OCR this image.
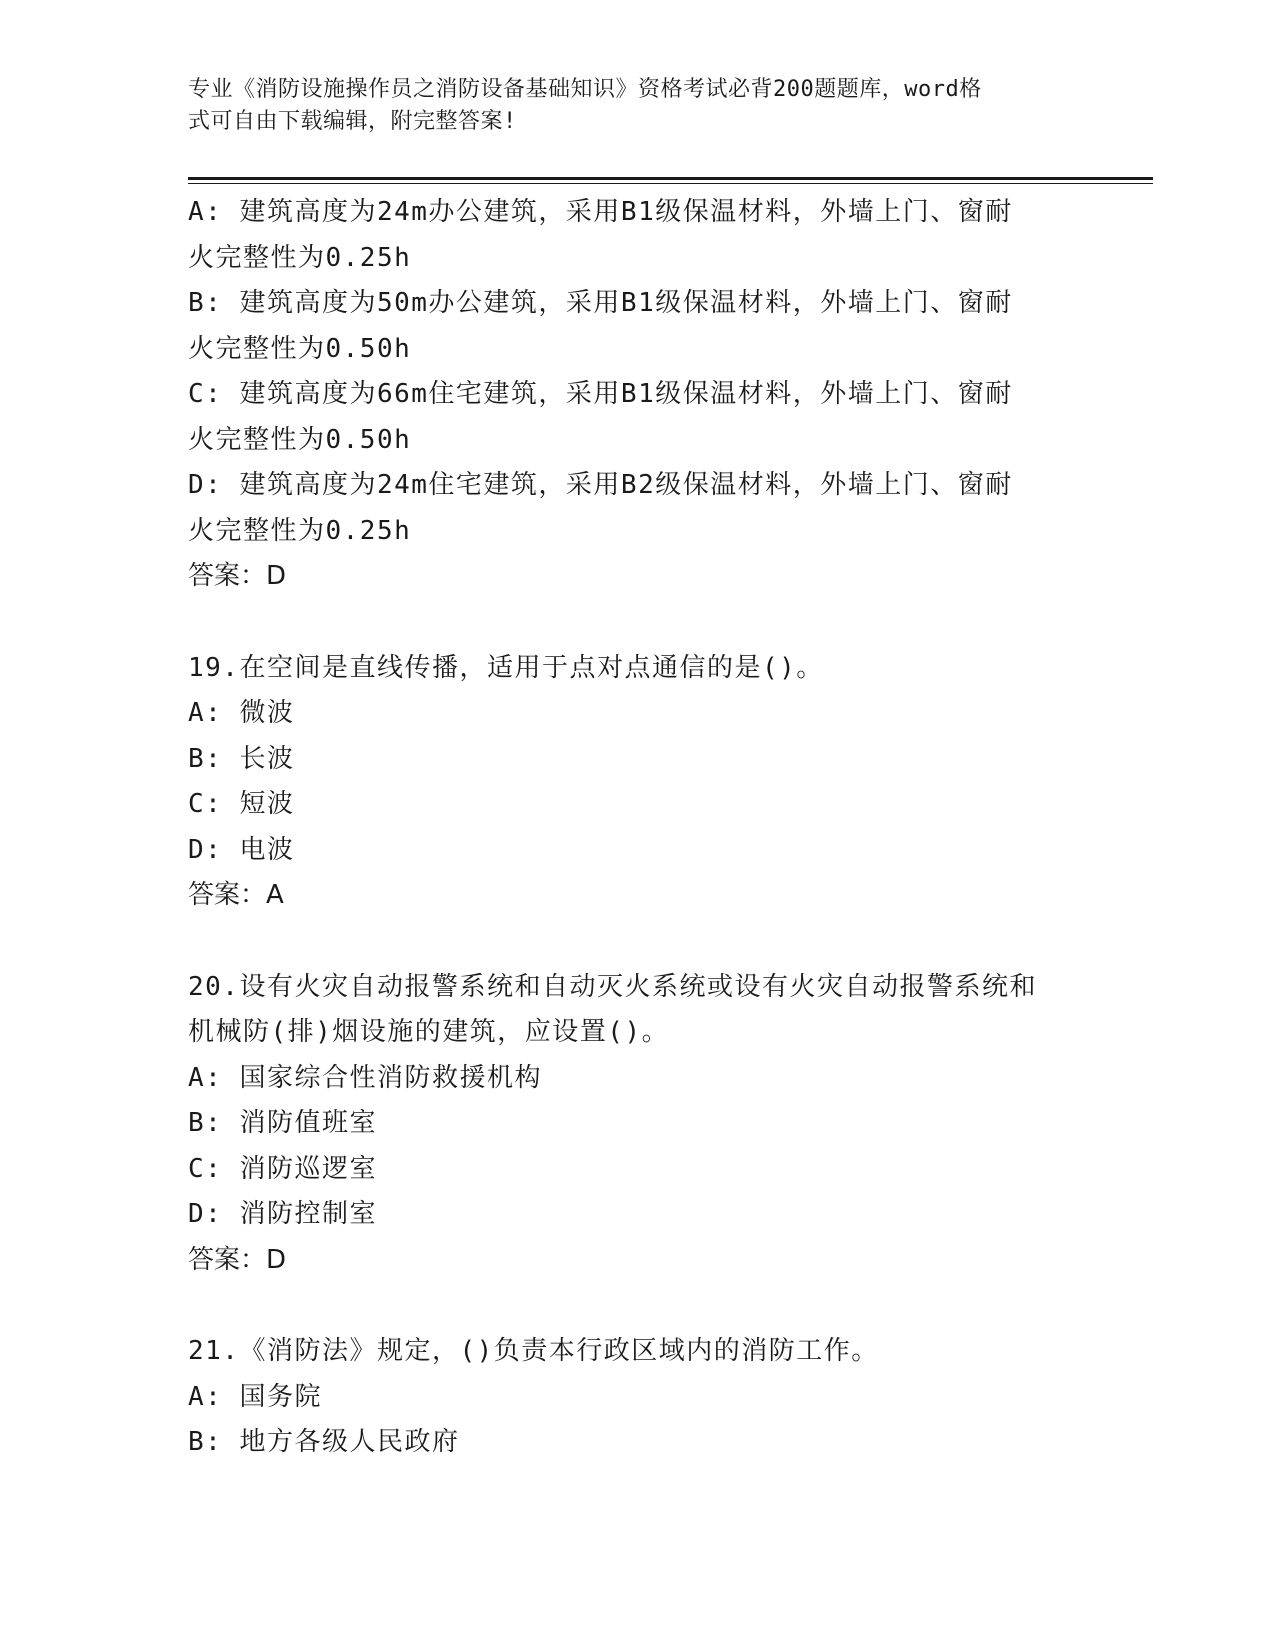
专业《消防设施操作员之消防设备基础知识》资格考试必背200题题库，word格
式可自由下载编辑，附完整答案!
A: 建筑高度为24m办公建筑，采用B1级保温材料，外墙上门、窗耐
火完整性为0.25h
B: 建筑高度为50m办公建筑，采用B1级保温材料，外墙上门、窗耐
火完整性为0.50h
C: 建筑高度为66m住宅建筑，采用B1级保温材料，外墙上门、窗耐
火完整性为0.50h
D: 建筑高度为24m住宅建筑，采用B2级保温材料，外墙上门、窗耐
火完整性为0.25h
答案：D
19.在空间是直线传播，适用于点对点通信的是()。
A: 微波
B: 长波
C: 短波
D: 电波
答案：A
20.设有火灾自动报警系统和自动灭火系统或设有火灾自动报警系统和
机械防(排)烟设施的建筑，应设置()。
A: 国家综合性消防救援机构
B: 消防值班室
C: 消防巡逻室
D: 消防控制室
答案：D
21.《消防法》规定，()负责本行政区域内的消防工作。
A: 国务院
B: 地方各级人民政府
